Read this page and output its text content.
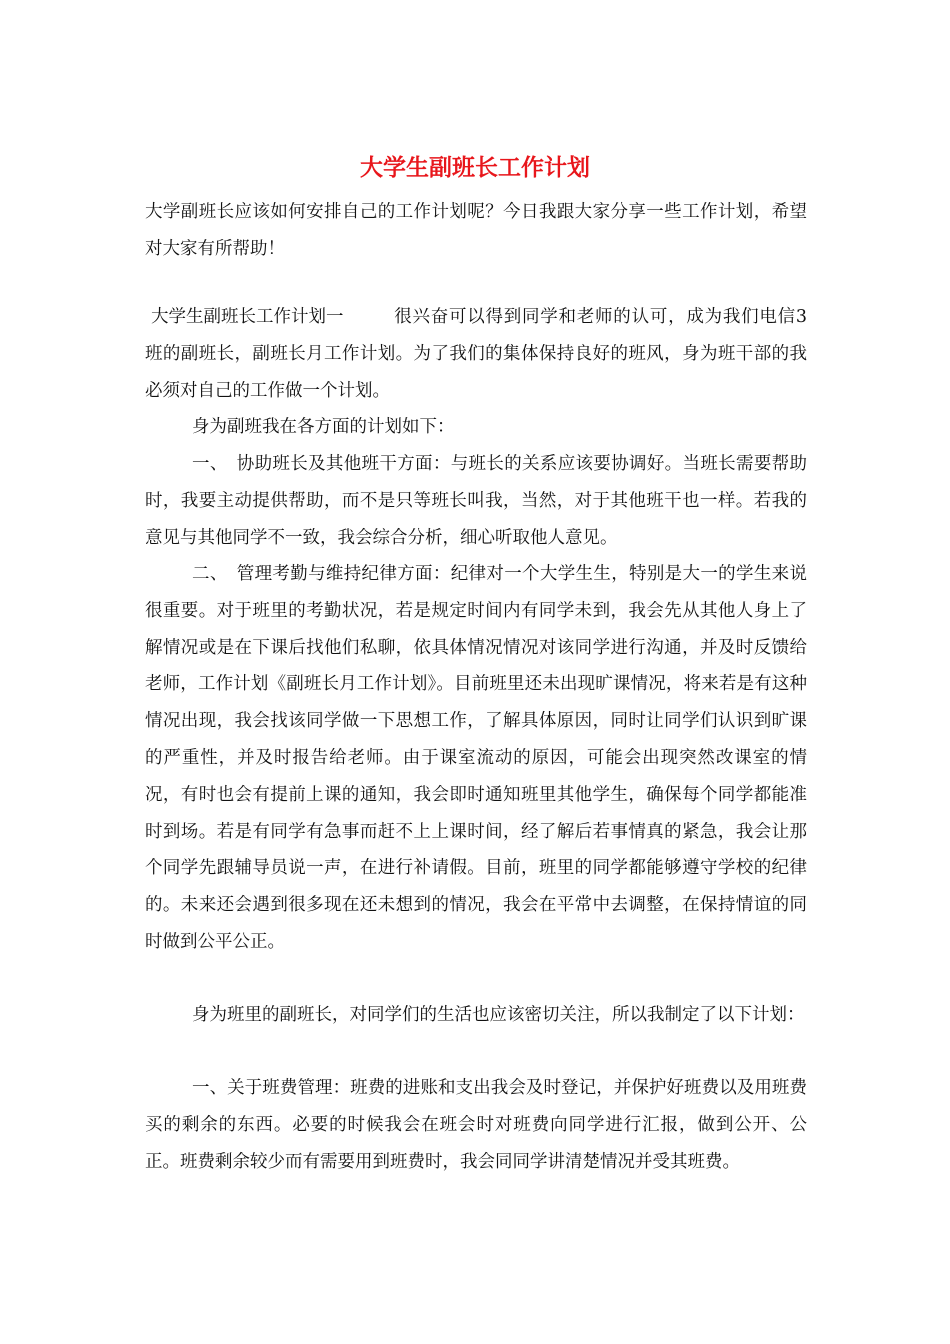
大学生副班长工作计划

大学副班长应该如何安排自己的工作计划呢？今日我跟大家分享一些工作计划，希望对大家有所帮助！

大学生副班长工作计划一	很兴奋可以得到同学和老师的认可，成为我们电信3班的副班长，副班长月工作计划。为了我们的集体保持良好的班风，身为班干部的我必须对自己的工作做一个计划。

身为副班我在各方面的计划如下：

一、　协助班长及其他班干方面：与班长的关系应该要协调好。当班长需要帮助时，我要主动提供帮助，而不是只等班长叫我，当然，对于其他班干也一样。若我的意见与其他同学不一致，我会综合分析，细心听取他人意见。

二、　管理考勤与维持纪律方面：纪律对一个大学生生，特别是大一的学生来说很重要。对于班里的考勤状况，若是规定时间内有同学未到，我会先从其他人身上了解情况或是在下课后找他们私聊，依具体情况情况对该同学进行沟通，并及时反馈给老师，工作计划《副班长月工作计划》。目前班里还未出现旷课情况，将来若是有这种情况出现，我会找该同学做一下思想工作，了解具体原因，同时让同学们认识到旷课的严重性，并及时报告给老师。由于课室流动的原因，可能会出现突然改课室的情况，有时也会有提前上课的通知，我会即时通知班里其他学生，确保每个同学都能准时到场。若是有同学有急事而赶不上上课时间，经了解后若事情真的紧急，我会让那个同学先跟辅导员说一声，在进行补请假。目前，班里的同学都能够遵守学校的纪律的。未来还会遇到很多现在还未想到的情况，我会在平常中去调整，在保持情谊的同时做到公平公正。

身为班里的副班长，对同学们的生活也应该密切关注，所以我制定了以下计划：

一、关于班费管理：班费的进账和支出我会及时登记，并保护好班费以及用班费买的剩余的东西。必要的时候我会在班会时对班费向同学进行汇报，做到公开、公正。班费剩余较少而有需要用到班费时，我会同同学讲清楚情况并受其班费。
